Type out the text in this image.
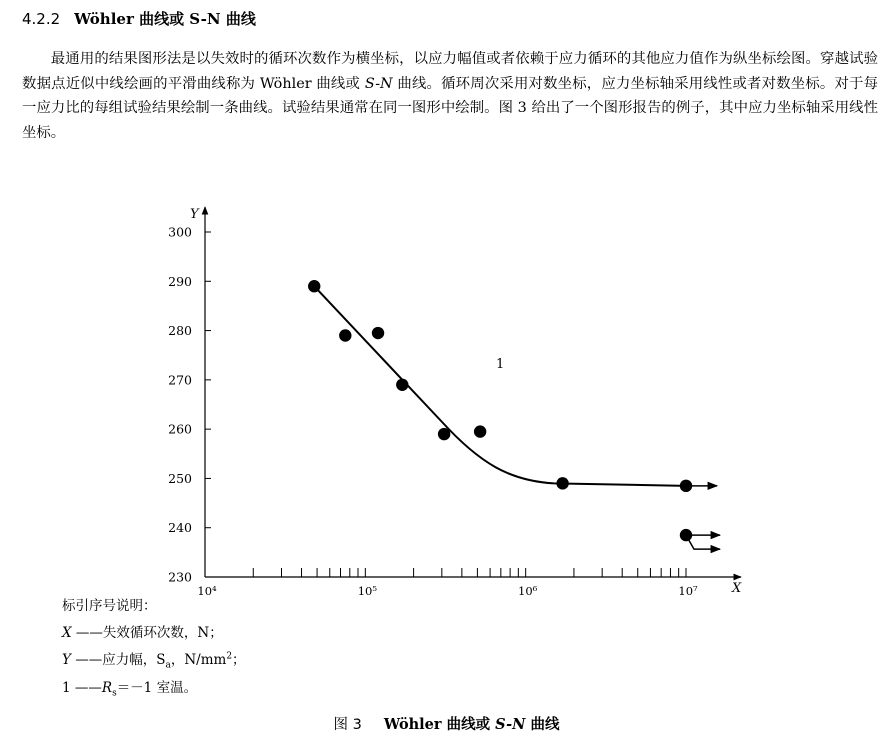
4.2.2 Wöhler 曲线或 S-N 曲线

最通用的结果图形法是以失效时的循环次数作为横坐标，以应力幅值或者依赖于应力循环的其他应力值作为纵坐标绘图。穿越试验数据点近似中线绘画的平滑曲线称为 Wöhler 曲线或 S-N 曲线。循环周次采用对数坐标，应力坐标轴采用线性或者对数坐标。对于每一应力比的每组试验结果绘制一条曲线。试验结果通常在同一图形中绘制。图 3 给出了一个图形报告的例子，其中应力坐标轴采用线性坐标。

X
Y
230
240
250
260
270
280
290
300
10⁴	10⁵	10⁶	10⁷
1
标引序号说明：
X ——失效循环次数，N；
Y ——应力幅，$S_a$，$N/mm^2$；
1 $——R_s=-1$ 室温。
图 3 Wöhler 曲线或 S-N 曲线
